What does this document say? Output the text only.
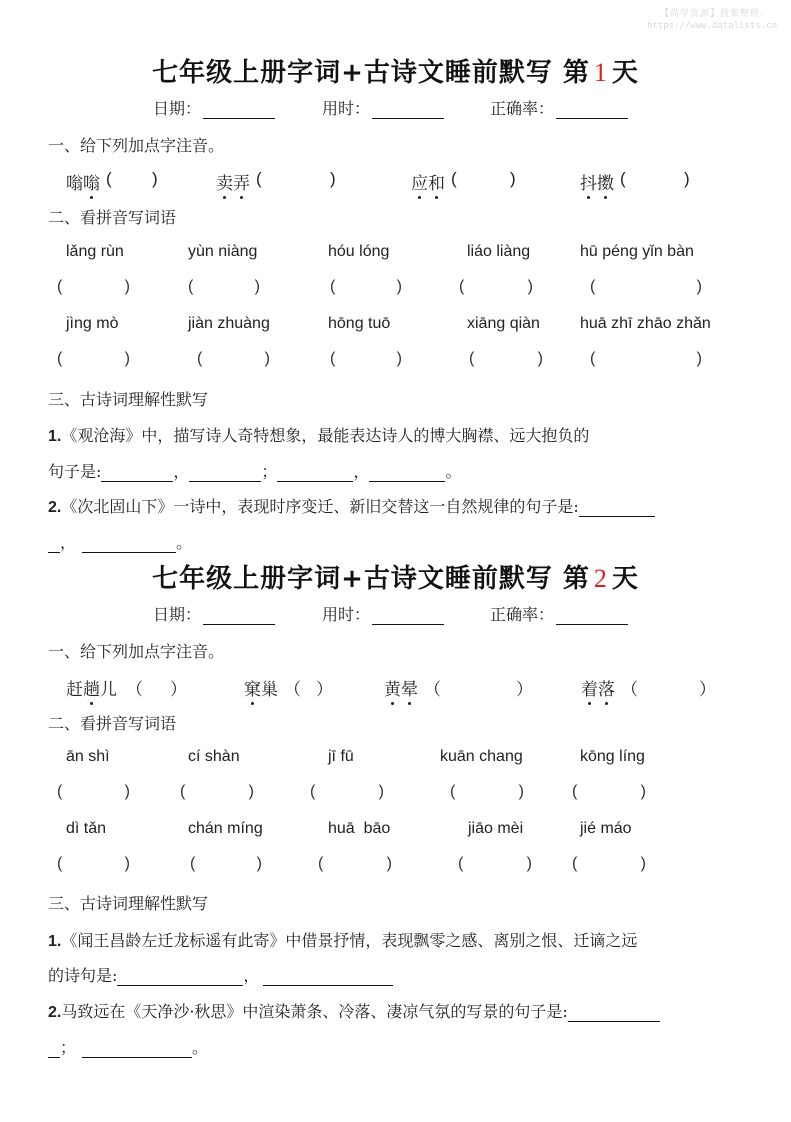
【尚学资源】搜集整理:
https://www.datalists.cn
七年级上册字词+古诗文睡前默写 第 1 天
日期：	用时：	正确率：
一、给下列加点字注音。
嗡嗡 ( )	卖弄 (	)	应和 (	)	抖擞 (	)
二、看拼音写词语
lǎng rùn	yùn niàng	hóu lóng	liáo liàng	hū péng yǐn bàn
(	)	(	)	(	)	(	)	(	)
jìng mò	jiàn zhuàng	hōng tuō	xiāng qiàn	huā zhī zhāo zhǎn
(	)	(	)	(	)	(	)	(	)
三、古诗词理解性默写
1.《观沧海》中，描写诗人奇特想象，最能表达诗人的博大胸襟、远大抱负的
句子是:	，	；	，	。
2.《次北固山下》一诗中，表现时序变迁、新旧交替这一自然规律的句子是:
，	。
七年级上册字词+古诗文睡前默写 第 2 天
日期：	用时：	正确率：
一、给下列加点字注音。
赶趟儿 （ ）	窠巢 （ ）	黄晕 （	）	着落 （	）
二、看拼音写词语
ān shì	cí shàn	jī fū	kuān chang	kōng líng
(	)	(	)	(	)	(	)	(	)
dì tǎn	chán míng	huā  bāo	jiāo mèi	jié máo
(	)	(	)	(	)	(	)	(	)
三、古诗词理解性默写
1.《闻王昌龄左迁龙标遥有此寄》中借景抒情，表现飘零之感、离别之恨、迁谪之远
的诗句是:	，
2.马致远在《天净沙·秋思》中渲染萧条、冷落、凄凉气氛的写景的句子是:
；	。
